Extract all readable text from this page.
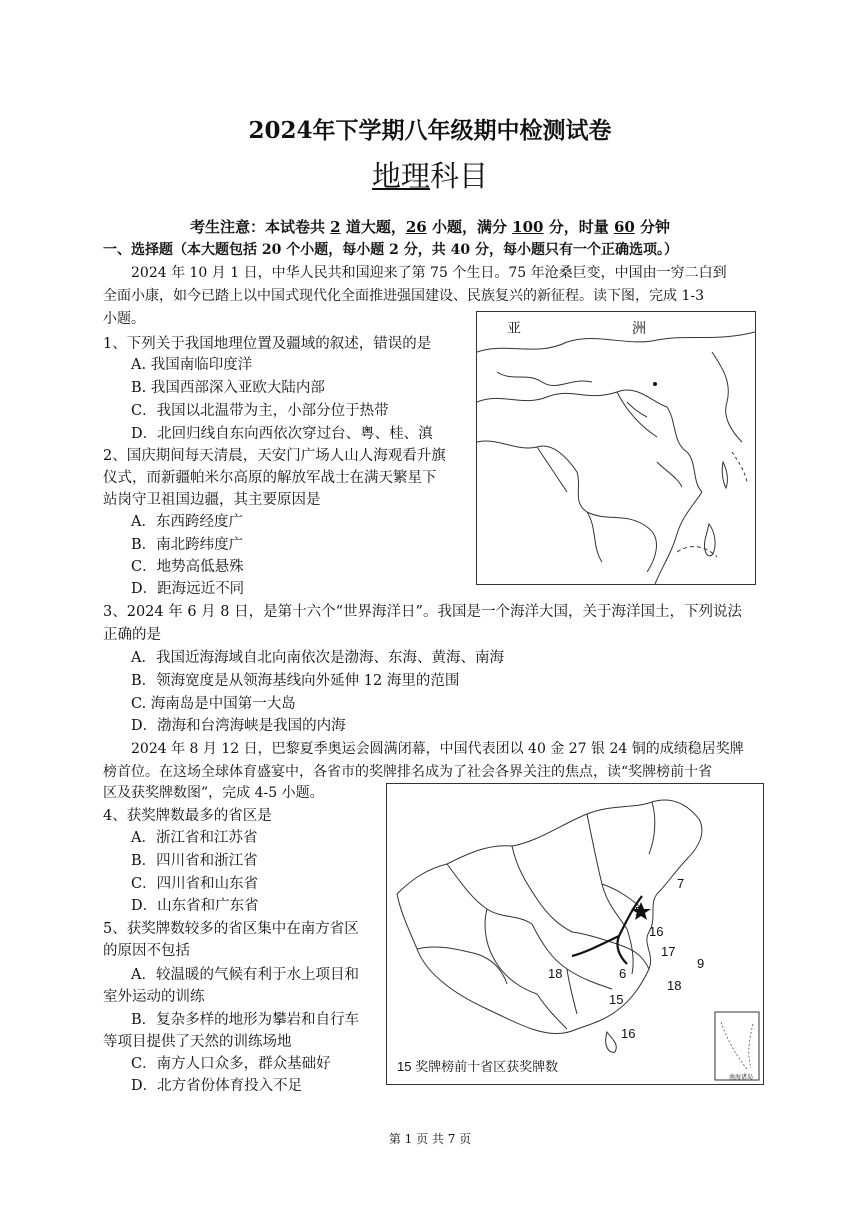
2024年下学期八年级期中检测试卷
地理科目
考生注意：本试卷共 2 道大题，26 小题，满分 100 分，时量 60 分钟
一、选择题（本大题包括 20 个小题，每小题 2 分，共 40 分，每小题只有一个正确选项。）
2024 年 10 月 1 日，中华人民共和国迎来了第 75 个生日。75 年沧桑巨变，中国由一穷二白到
全面小康，如今已踏上以中国式现代化全面推进强国建设、民族复兴的新征程。读下图，完成 1-3
小题。
亚	洲
1、下列关于我国地理位置及疆域的叙述，错误的是
A. 我国南临印度洋
B. 我国西部深入亚欧大陆内部
C．我国以北温带为主，小部分位于热带
D．北回归线自东向西依次穿过台、粤、桂、滇
2、国庆期间每天清晨，天安门广场人山人海观看升旗
仪式，而新疆帕米尔高原的解放军战士在满天繁星下
站岗守卫祖国边疆，其主要原因是
A．东西跨经度广
B．南北跨纬度广
C．地势高低悬殊
D．距海远近不同
3、2024 年 6 月 8 日，是第十六个“世界海洋日”。我国是一个海洋大国，关于海洋国土，下列说法
正确的是
A．我国近海海域自北向南依次是渤海、东海、黄海、南海
B．领海宽度是从领海基线向外延伸 12 海里的范围
C. 海南岛是中国第一大岛
D．渤海和台湾海峡是我国的内海
2024 年 8 月 12 日，巴黎夏季奥运会圆满闭幕，中国代表团以 40 金 27 银 24 铜的成绩稳居奖牌
榜首位。在这场全球体育盛宴中，各省市的奖牌排名成为了社会各界关注的焦点，读“奖牌榜前十省
区及获奖牌数图”，完成 4-5 小题。
7
5
16
17
9
18	6
18
15
16
15 奖牌榜前十省区获奖牌数
南海诸岛
4、获奖牌数最多的省区是
A．浙江省和江苏省
B．四川省和浙江省
C．四川省和山东省
D．山东省和广东省
5、获奖牌数较多的省区集中在南方省区
的原因不包括
A．较温暖的气候有利于水上项目和
室外运动的训练
B．复杂多样的地形为攀岩和自行车
等项目提供了天然的训练场地
C．南方人口众多，群众基础好
D．北方省份体育投入不足
第 1 页 共 7 页
